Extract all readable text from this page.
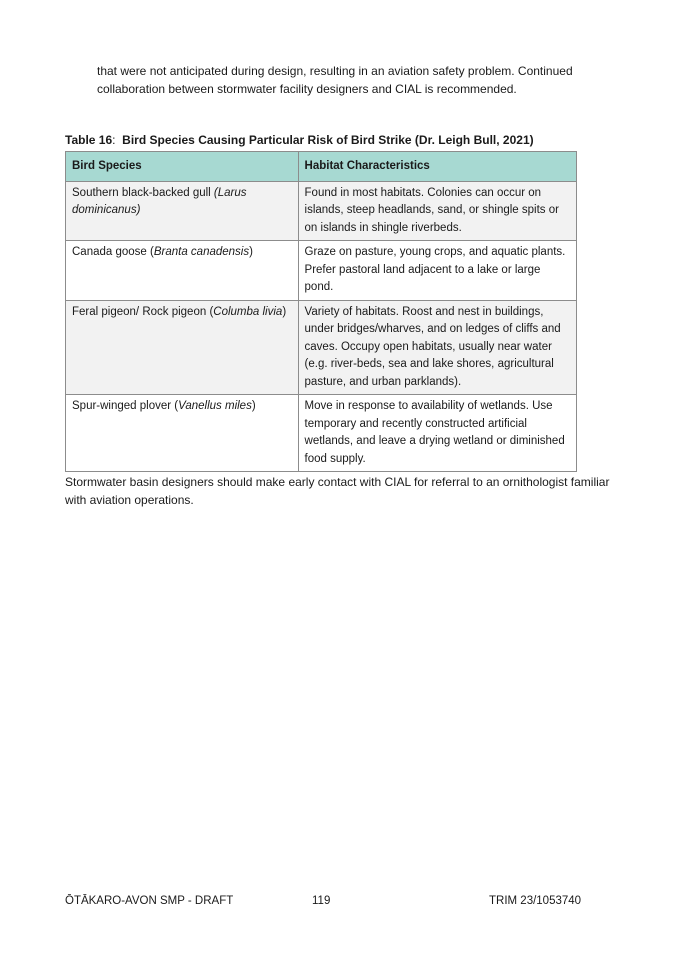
that were not anticipated during design, resulting in an aviation safety problem. Continued collaboration between stormwater facility designers and CIAL is recommended.

Table 16: Bird Species Causing Particular Risk of Bird Strike (Dr. Leigh Bull, 2021)

Bird Species	Habitat Characteristics
Southern black-backed gull (Larus dominicanus)	Found in most habitats. Colonies can occur on islands, steep headlands, sand, or shingle spits or on islands in shingle riverbeds.
Canada goose (Branta canadensis)	Graze on pasture, young crops, and aquatic plants. Prefer pastoral land adjacent to a lake or large pond.
Feral pigeon/ Rock pigeon (Columba livia)	Variety of habitats. Roost and nest in buildings, under bridges/wharves, and on ledges of cliffs and caves. Occupy open habitats, usually near water (e.g. river-beds, sea and lake shores, agricultural pasture, and urban parklands).
Spur-winged plover (Vanellus miles)	Move in response to availability of wetlands. Use temporary and recently constructed artificial wetlands, and leave a drying wetland or diminished food supply.

Stormwater basin designers should make early contact with CIAL for referral to an ornithologist familiar with aviation operations.

ŌTĀKARO-AVON SMP - DRAFT	119	TRIM 23/1053740
